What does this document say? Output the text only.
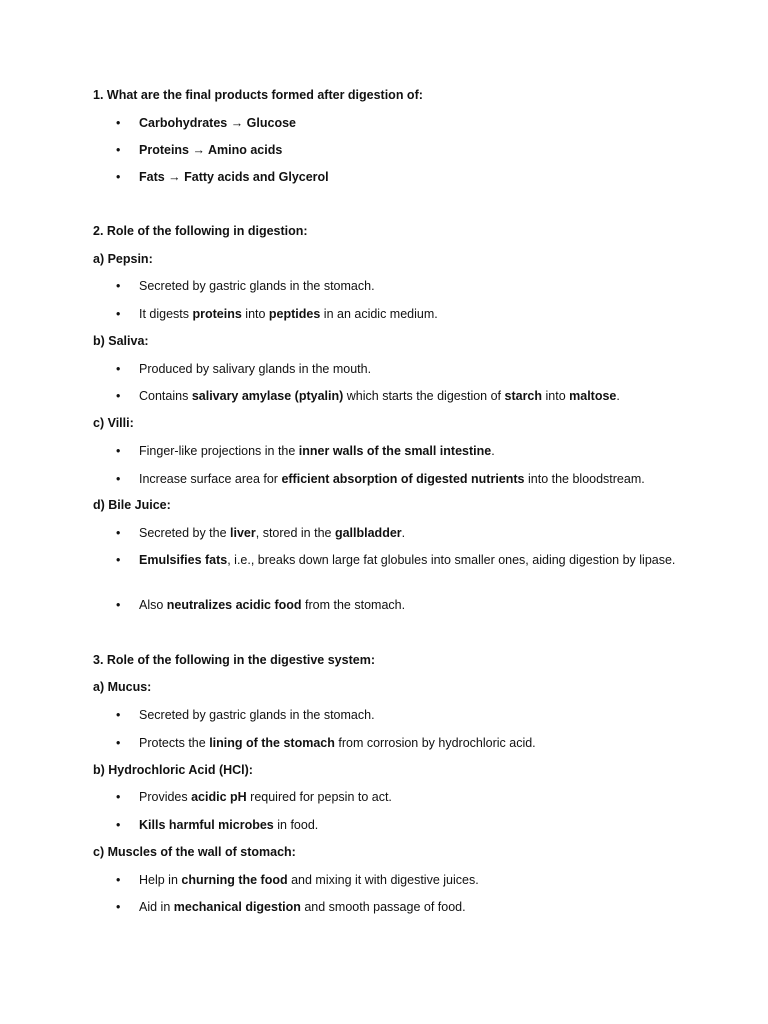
1. What are the final products formed after digestion of:
• Carbohydrates → Glucose
• Proteins → Amino acids
• Fats → Fatty acids and Glycerol
2. Role of the following in digestion:
a) Pepsin:
• Secreted by gastric glands in the stomach.
• It digests proteins into peptides in an acidic medium.
b) Saliva:
• Produced by salivary glands in the mouth.
• Contains salivary amylase (ptyalin) which starts the digestion of starch into maltose.
c) Villi:
• Finger-like projections in the inner walls of the small intestine.
• Increase surface area for efficient absorption of digested nutrients into the bloodstream.
d) Bile Juice:
• Secreted by the liver, stored in the gallbladder.
• Emulsifies fats, i.e., breaks down large fat globules into smaller ones, aiding digestion by lipase.
• Also neutralizes acidic food from the stomach.
3. Role of the following in the digestive system:
a) Mucus:
• Secreted by gastric glands in the stomach.
• Protects the lining of the stomach from corrosion by hydrochloric acid.
b) Hydrochloric Acid (HCl):
• Provides acidic pH required for pepsin to act.
• Kills harmful microbes in food.
c) Muscles of the wall of stomach:
• Help in churning the food and mixing it with digestive juices.
• Aid in mechanical digestion and smooth passage of food.
